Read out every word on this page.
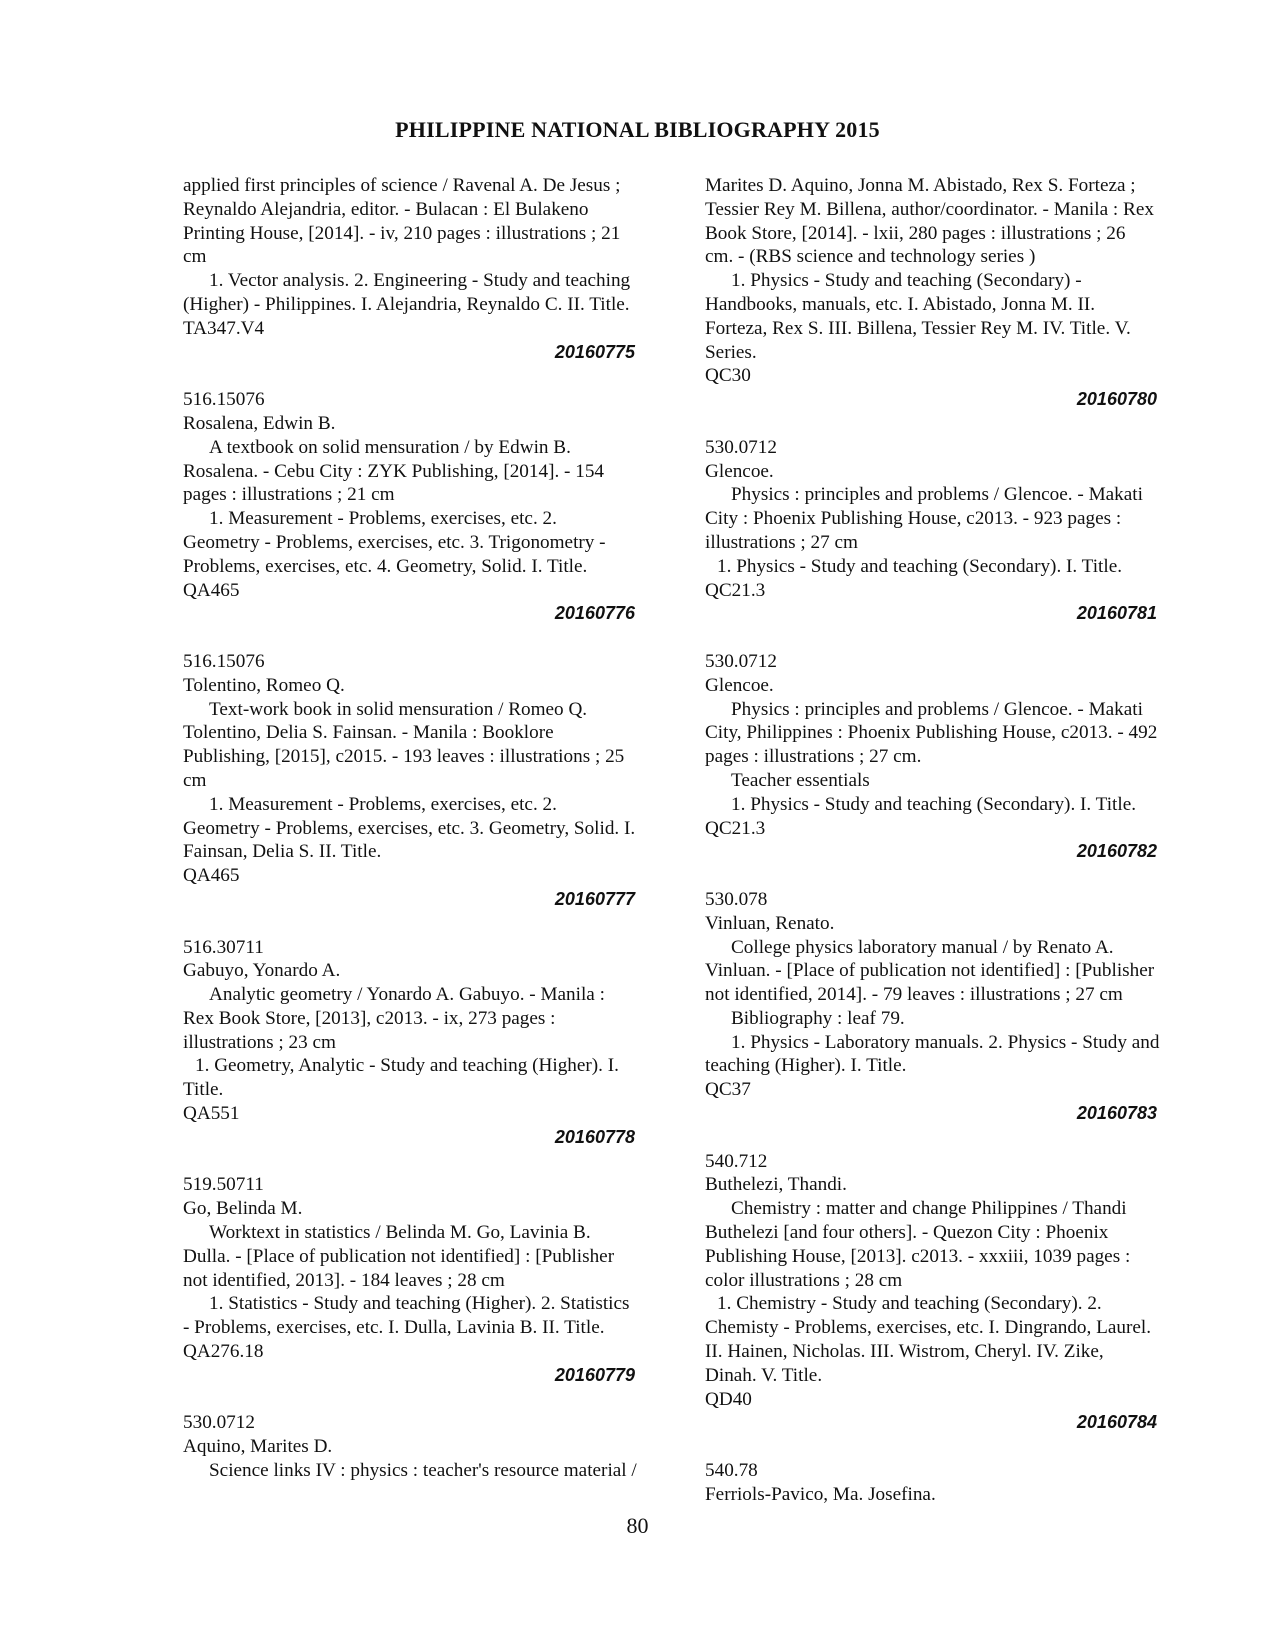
PHILIPPINE NATIONAL BIBLIOGRAPHY 2015
applied first principles of science / Ravenal A. De Jesus ;
Reynaldo Alejandria, editor. - Bulacan : El Bulakeno
Printing House, [2014]. - iv, 210 pages : illustrations ; 21
cm
1. Vector analysis. 2. Engineering - Study and teaching
(Higher) - Philippines. I. Alejandria, Reynaldo C. II. Title.
TA347.V4
20160775
516.15076
Rosalena, Edwin B.
A textbook on solid mensuration / by Edwin B.
Rosalena. - Cebu City : ZYK Publishing, [2014]. - 154
pages : illustrations ; 21 cm
1. Measurement - Problems, exercises, etc. 2.
Geometry - Problems, exercises, etc. 3. Trigonometry -
Problems, exercises, etc. 4. Geometry, Solid. I. Title.
QA465
20160776
516.15076
Tolentino, Romeo Q.
Text-work book in solid mensuration / Romeo Q.
Tolentino, Delia S. Fainsan. - Manila : Booklore
Publishing, [2015], c2015. - 193 leaves : illustrations ; 25
cm
1. Measurement - Problems, exercises, etc. 2.
Geometry - Problems, exercises, etc. 3. Geometry, Solid. I.
Fainsan, Delia S. II. Title.
QA465
20160777
516.30711
Gabuyo, Yonardo A.
Analytic geometry / Yonardo A. Gabuyo. - Manila :
Rex Book Store, [2013], c2013. - ix, 273 pages :
illustrations ; 23 cm
1. Geometry, Analytic - Study and teaching (Higher). I.
Title.
QA551
20160778
519.50711
Go, Belinda M.
Worktext in statistics / Belinda M. Go, Lavinia B.
Dulla. - [Place of publication not identified] : [Publisher
not identified, 2013]. - 184 leaves ; 28 cm
1. Statistics - Study and teaching (Higher). 2. Statistics
- Problems, exercises, etc. I. Dulla, Lavinia B. II. Title.
QA276.18
20160779
530.0712
Aquino, Marites D.
Science links IV : physics : teacher's resource material /
Marites D. Aquino, Jonna M. Abistado, Rex S. Forteza ;
Tessier Rey M. Billena, author/coordinator. - Manila : Rex
Book Store, [2014]. - lxii, 280 pages : illustrations ; 26
cm. - (RBS science and technology series )
1. Physics - Study and teaching (Secondary) -
Handbooks, manuals, etc. I. Abistado, Jonna M. II.
Forteza, Rex S. III. Billena, Tessier Rey M. IV. Title. V.
Series.
QC30
20160780
530.0712
Glencoe.
Physics : principles and problems / Glencoe. - Makati
City : Phoenix Publishing House, c2013. - 923 pages :
illustrations ; 27 cm
1. Physics - Study and teaching (Secondary). I. Title.
QC21.3
20160781
530.0712
Glencoe.
Physics : principles and problems / Glencoe. - Makati
City, Philippines : Phoenix Publishing House, c2013. - 492
pages : illustrations ; 27 cm.
Teacher essentials
1. Physics - Study and teaching (Secondary). I. Title.
QC21.3
20160782
530.078
Vinluan, Renato.
College physics laboratory manual / by Renato A.
Vinluan. - [Place of publication not identified] : [Publisher
not identified, 2014]. - 79 leaves : illustrations ; 27 cm
Bibliography : leaf 79.
1. Physics - Laboratory manuals. 2. Physics - Study and
teaching (Higher). I. Title.
QC37
20160783
540.712
Buthelezi, Thandi.
Chemistry : matter and change Philippines / Thandi
Buthelezi [and four others]. - Quezon City : Phoenix
Publishing House, [2013]. c2013. - xxxiii, 1039 pages :
color illustrations ; 28 cm
1. Chemistry - Study and teaching (Secondary). 2.
Chemisty - Problems, exercises, etc. I. Dingrando, Laurel.
II. Hainen, Nicholas. III. Wistrom, Cheryl. IV. Zike,
Dinah. V. Title.
QD40
20160784
540.78
Ferriols-Pavico, Ma. Josefina.
80
